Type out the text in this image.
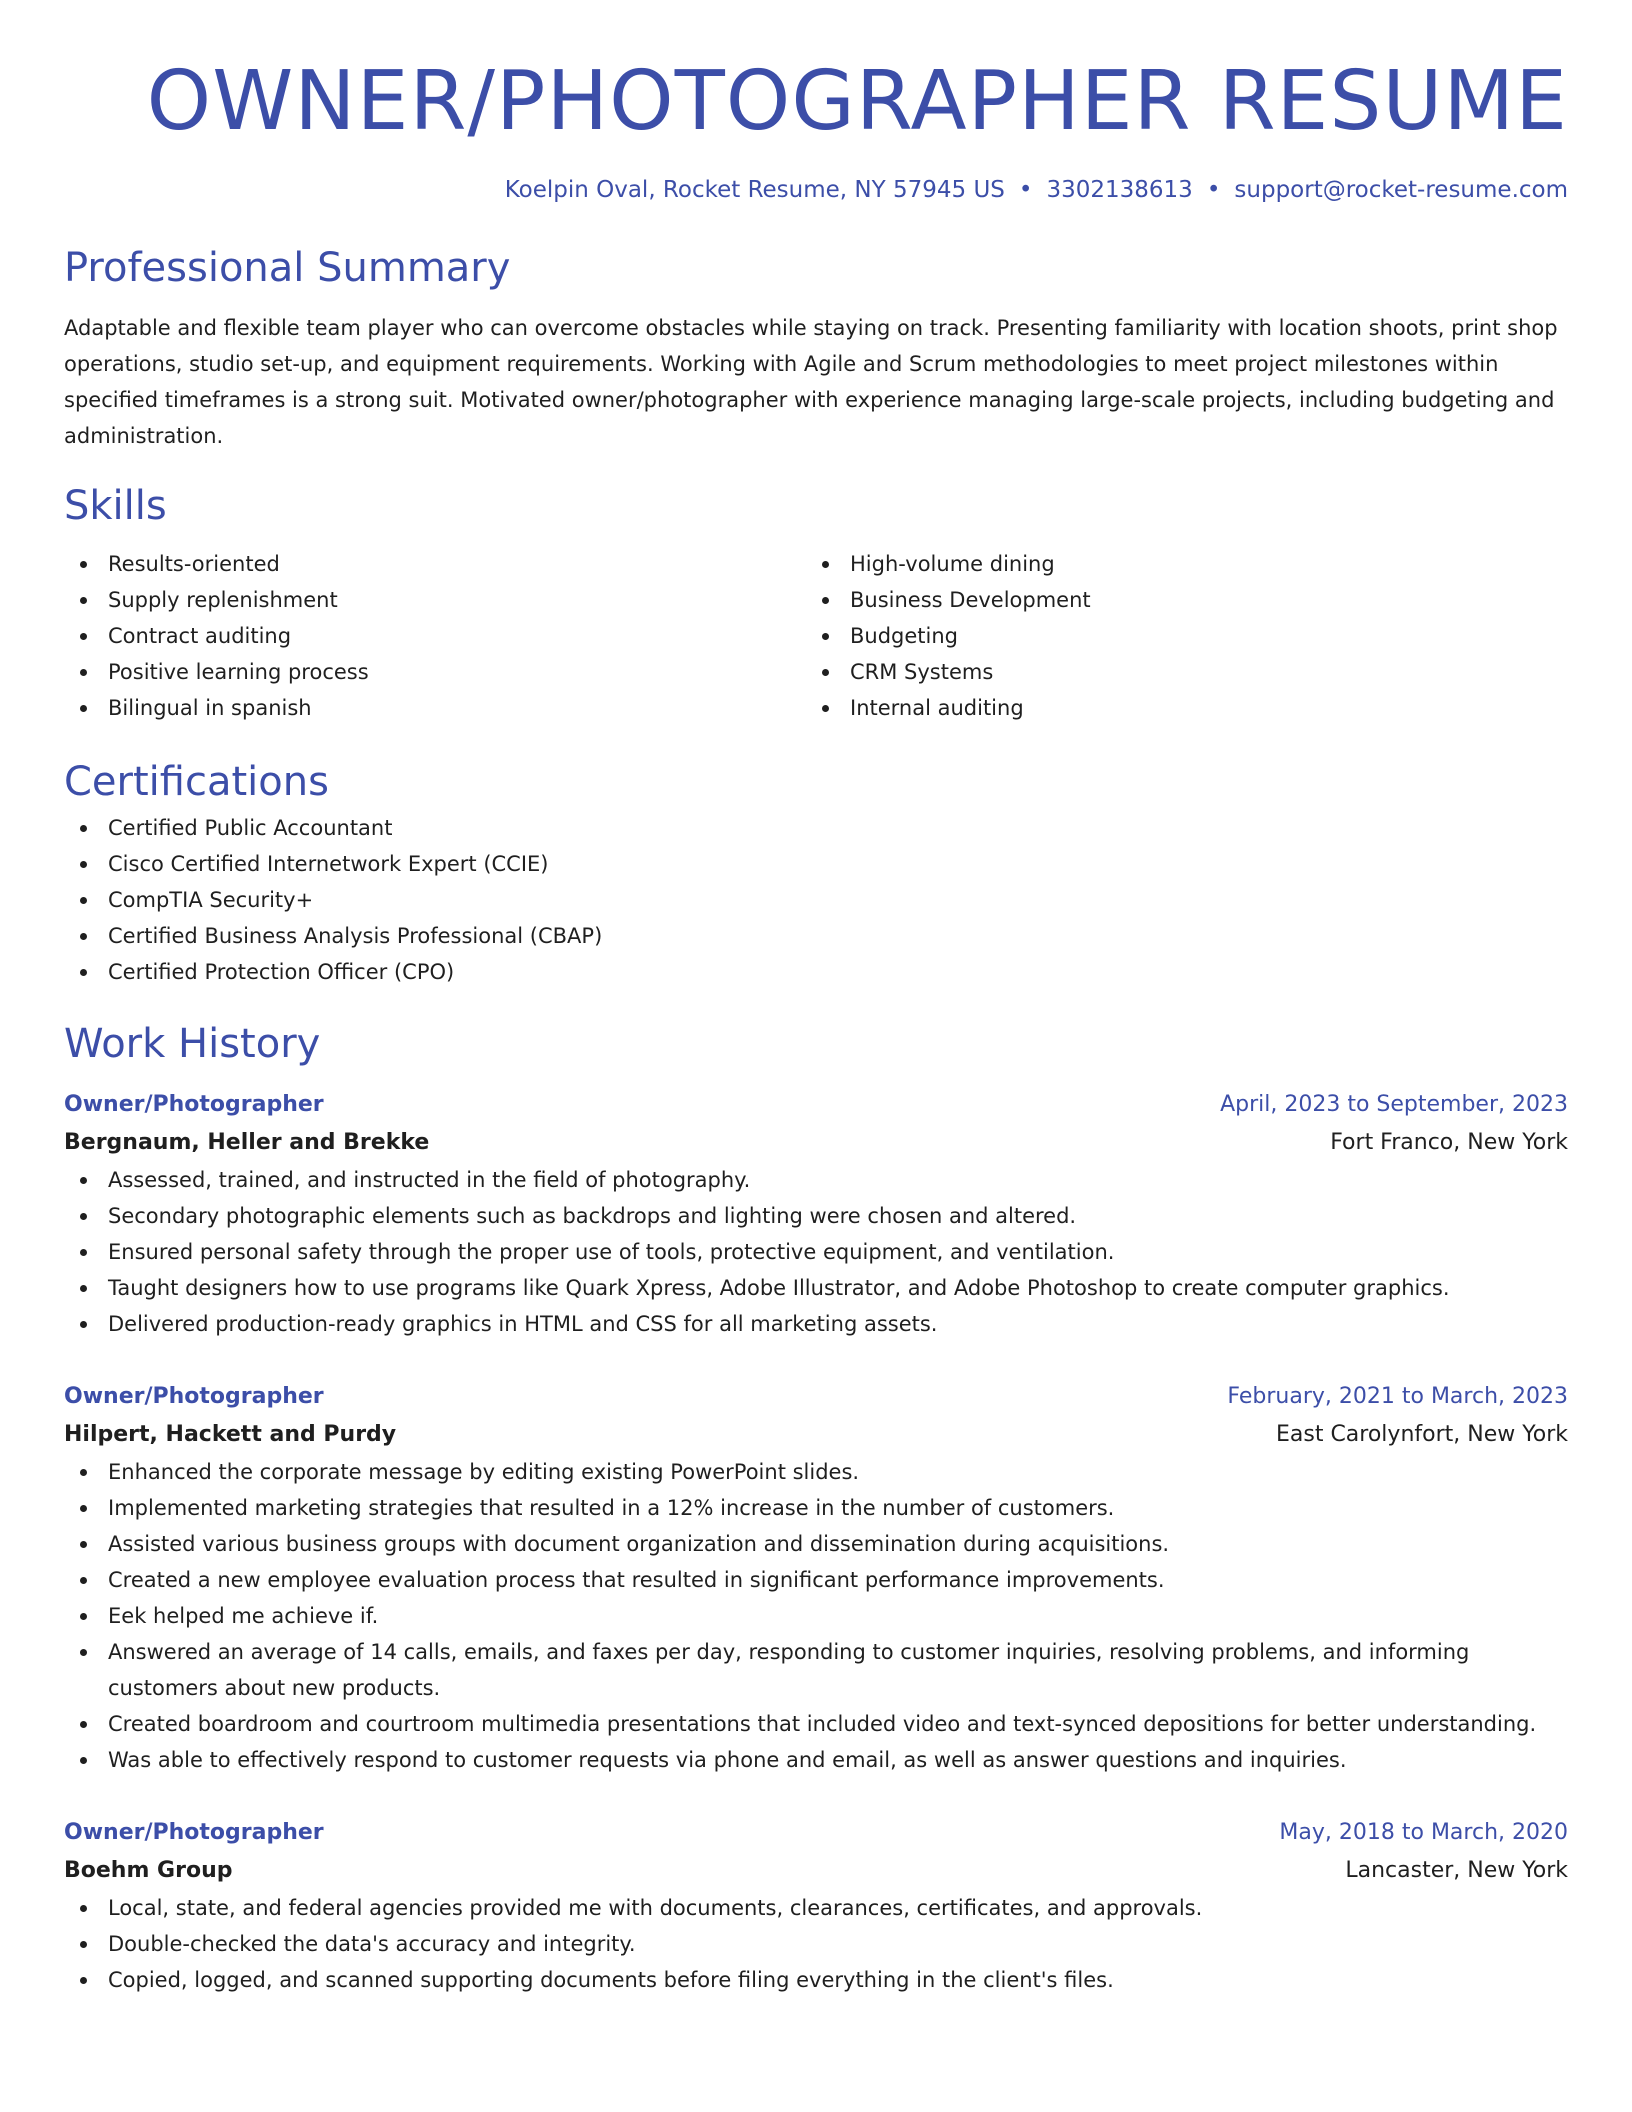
OWNER/PHOTOGRAPHER RESUME
Koelpin Oval, Rocket Resume, NY 57945 US • 3302138613 • support@rocket-resume.com
Professional Summary
Adaptable and flexible team player who can overcome obstacles while staying on track. Presenting familiarity with location shoots, print shop operations, studio set-up, and equipment requirements. Working with Agile and Scrum methodologies to meet project milestones within specified timeframes is a strong suit. Motivated owner/photographer with experience managing large-scale projects, including budgeting and administration.
Skills
Results-oriented
Supply replenishment
Contract auditing
Positive learning process
Bilingual in spanish
High-volume dining
Business Development
Budgeting
CRM Systems
Internal auditing
Certifications
Certified Public Accountant
Cisco Certified Internetwork Expert (CCIE)
CompTIA Security+
Certified Business Analysis Professional (CBAP)
Certified Protection Officer (CPO)
Work History
Owner/Photographer	April, 2023 to September, 2023
Bergnaum, Heller and Brekke	Fort Franco, New York
Assessed, trained, and instructed in the field of photography.
Secondary photographic elements such as backdrops and lighting were chosen and altered.
Ensured personal safety through the proper use of tools, protective equipment, and ventilation.
Taught designers how to use programs like Quark Xpress, Adobe Illustrator, and Adobe Photoshop to create computer graphics.
Delivered production-ready graphics in HTML and CSS for all marketing assets.
Owner/Photographer	February, 2021 to March, 2023
Hilpert, Hackett and Purdy	East Carolynfort, New York
Enhanced the corporate message by editing existing PowerPoint slides.
Implemented marketing strategies that resulted in a 12% increase in the number of customers.
Assisted various business groups with document organization and dissemination during acquisitions.
Created a new employee evaluation process that resulted in significant performance improvements.
Eek helped me achieve if.
Answered an average of 14 calls, emails, and faxes per day, responding to customer inquiries, resolving problems, and informing customers about new products.
Created boardroom and courtroom multimedia presentations that included video and text-synced depositions for better understanding.
Was able to effectively respond to customer requests via phone and email, as well as answer questions and inquiries.
Owner/Photographer	May, 2018 to March, 2020
Boehm Group	Lancaster, New York
Local, state, and federal agencies provided me with documents, clearances, certificates, and approvals.
Double-checked the data's accuracy and integrity.
Copied, logged, and scanned supporting documents before filing everything in the client's files.
